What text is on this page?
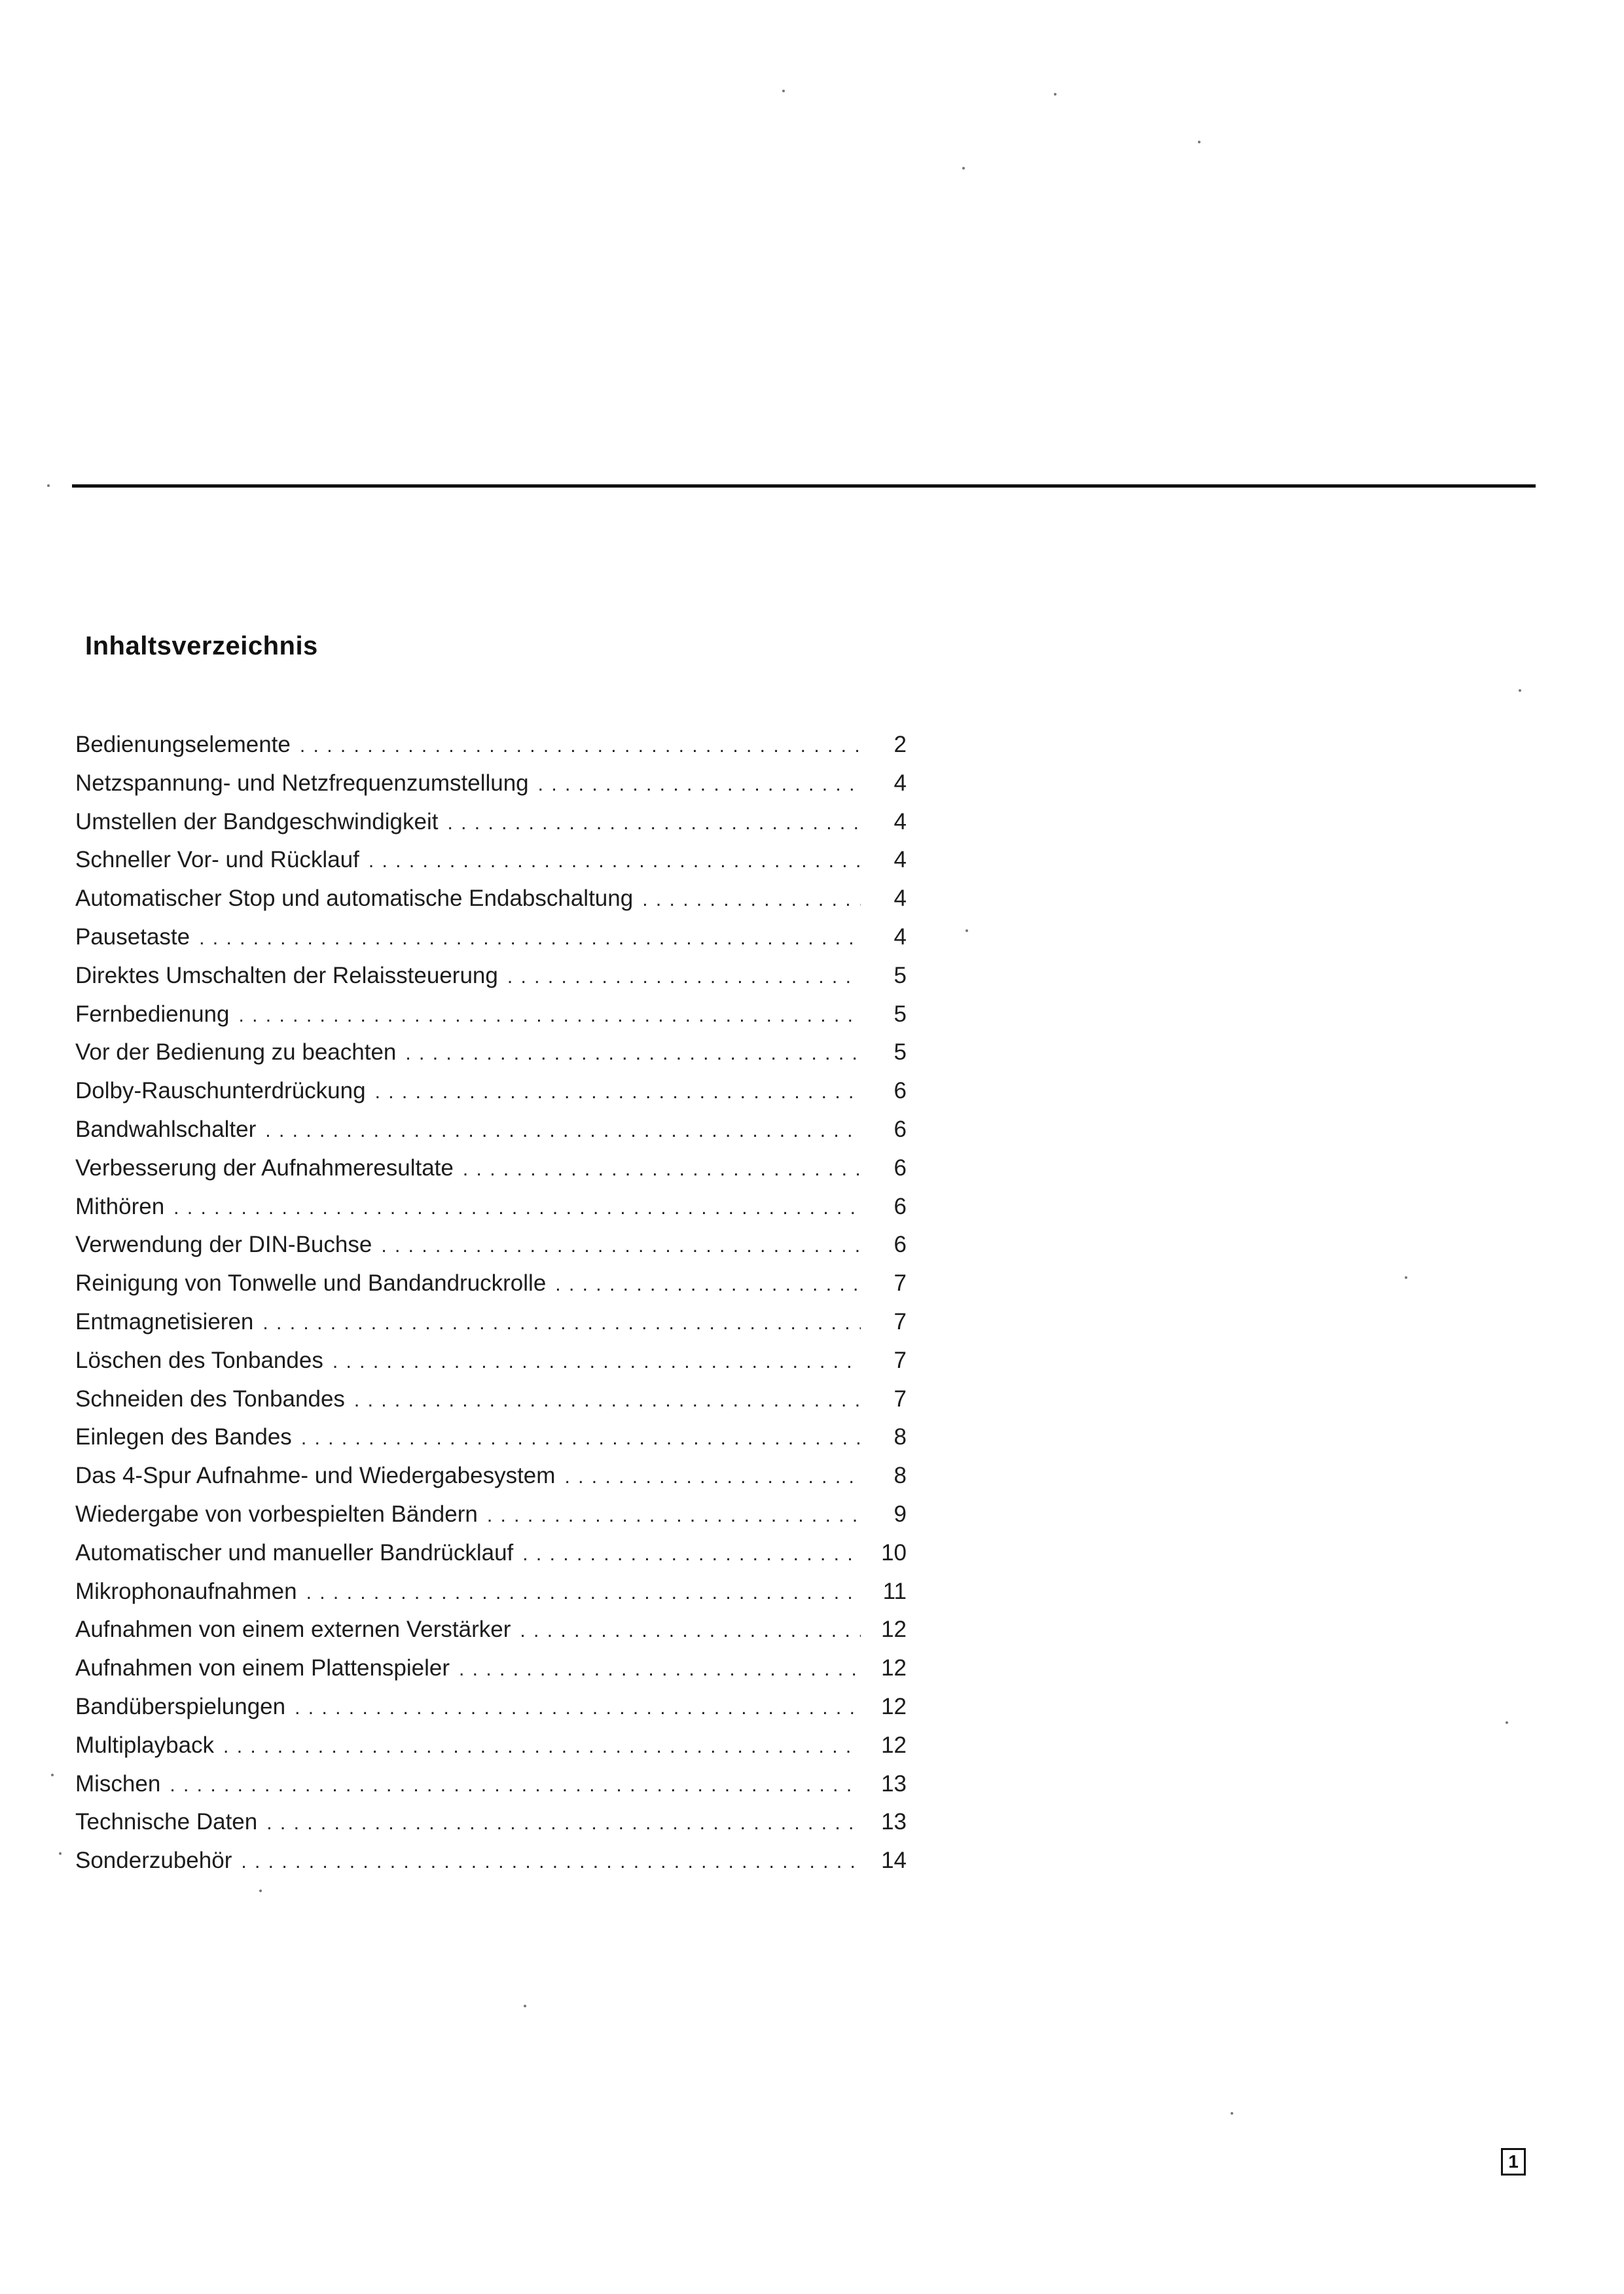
Inhaltsverzeichnis
Bedienungselemente . . .	2
Netzspannung- und Netzfrequenzumstellung . . .	4
Umstellen der Bandgeschwindigkeit . . .	4
Schneller Vor- und Rücklauf . . .	4
Automatischer Stop und automatische Endabschaltung . . .	4
Pausetaste . . .	4
Direktes Umschalten der Relaissteuerung . . .	5
Fernbedienung . . .	5
Vor der Bedienung zu beachten . . .	5
Dolby-Rauschunterdrückung . . .	6
Bandwahlschalter . . .	6
Verbesserung der Aufnahmeresultate . . .	6
Mithören . . .	6
Verwendung der DIN-Buchse . . .	6
Reinigung von Tonwelle und Bandandruckrolle . . .	7
Entmagnetisieren . . .	7
Löschen des Tonbandes . . .	7
Schneiden des Tonbandes . . .	7
Einlegen des Bandes . . .	8
Das 4-Spur Aufnahme- und Wiedergabesystem . . .	8
Wiedergabe von vorbespielten Bändern . . .	9
Automatischer und manueller Bandrücklauf . . .	10
Mikrophonaufnahmen . . .	11
Aufnahmen von einem externen Verstärker . . .	12
Aufnahmen von einem Plattenspieler . . .	12
Bandüberspielungen . . .	12
Multiplayback . . .	12
Mischen . . .	13
Technische Daten . . .	13
Sonderzubehör . . .	14
1
